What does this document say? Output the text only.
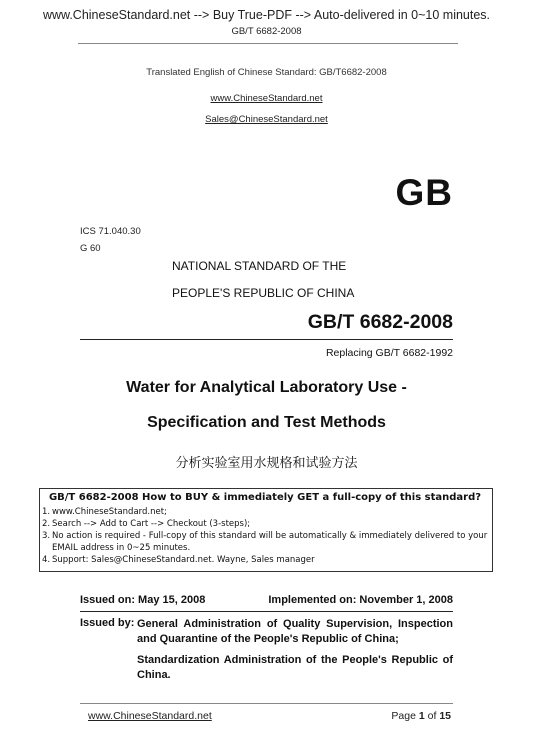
www.ChineseStandard.net --> Buy True-PDF --> Auto-delivered in 0~10 minutes.
GB/T 6682-2008
Translated English of Chinese Standard: GB/T6682-2008
www.ChineseStandard.net
Sales@ChineseStandard.net
GB
ICS 71.040.30
G 60
NATIONAL STANDARD OF THE
PEOPLE'S REPUBLIC OF CHINA
GB/T 6682-2008
Replacing GB/T 6682-1992
Water for Analytical Laboratory Use -
Specification and Test Methods
分析实验室用水规格和试验方法
GB/T 6682-2008 How to BUY & immediately GET a full-copy of this standard?
1. www.ChineseStandard.net;
2. Search --> Add to Cart --> Checkout (3-steps);
3. No action is required - Full-copy of this standard will be automatically & immediately delivered to your EMAIL address in 0~25 minutes.
4. Support: Sales@ChineseStandard.net. Wayne, Sales manager
Issued on: May 15, 2008	Implemented on: November 1, 2008
Issued by: General Administration of Quality Supervision, Inspection and Quarantine of the People's Republic of China;
Standardization Administration of the People's Republic of China.
www.ChineseStandard.net	Page 1 of 15
